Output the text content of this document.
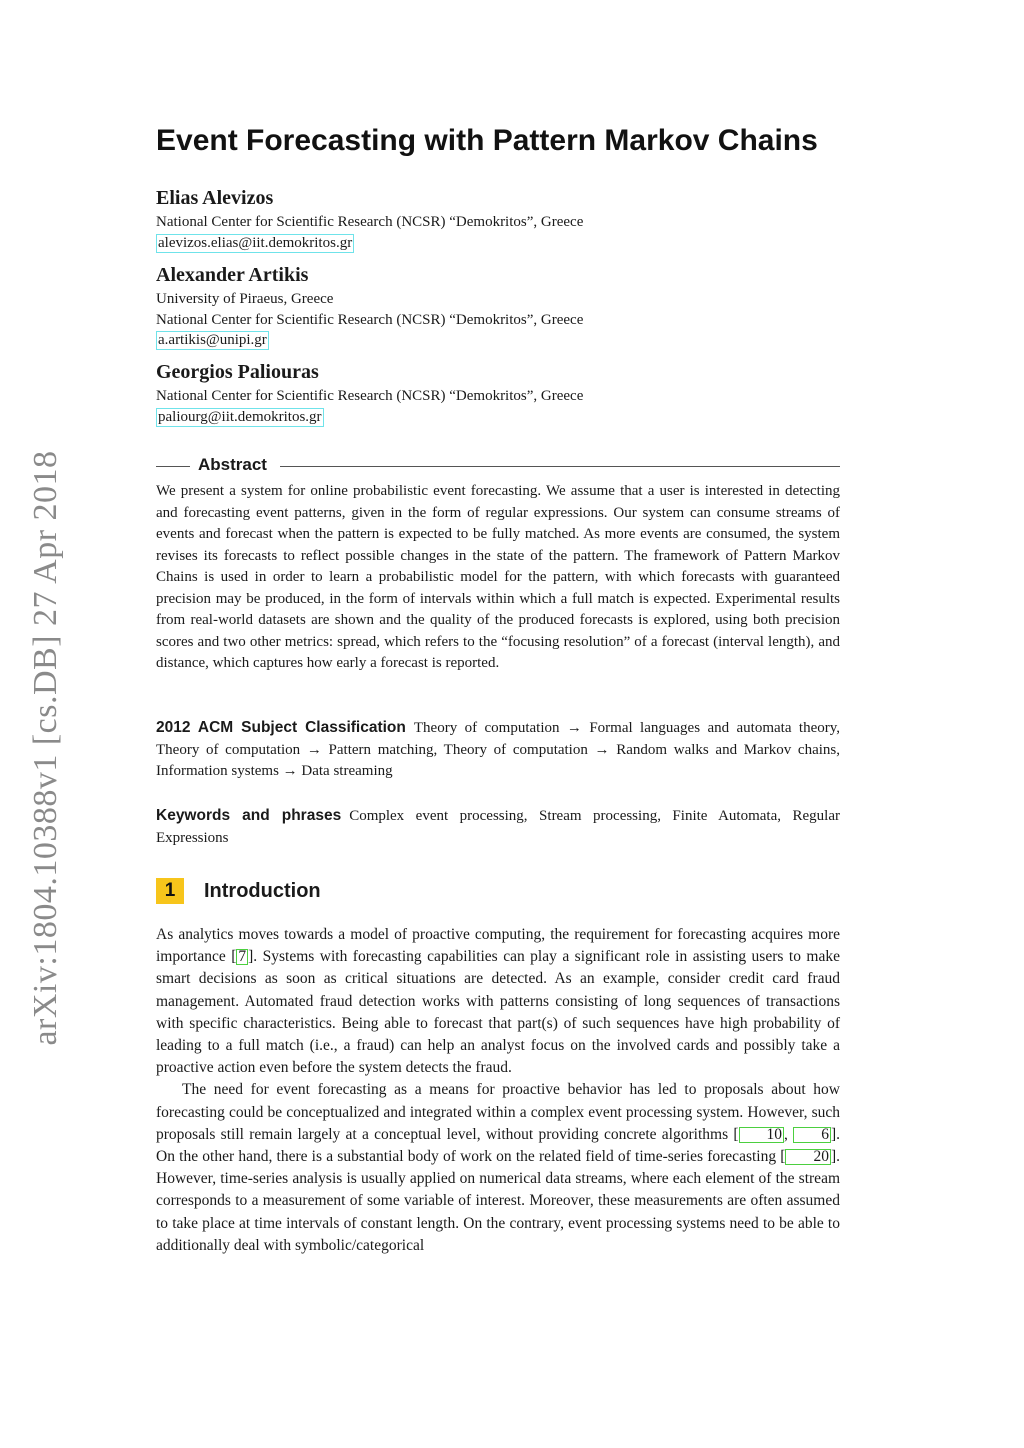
arXiv:1804.10388v1 [cs.DB] 27 Apr 2018
Event Forecasting with Pattern Markov Chains
Elias Alevizos
National Center for Scientific Research (NCSR) “Demokritos”, Greece
alevizos.elias@iit.demokritos.gr
Alexander Artikis
University of Piraeus, Greece
National Center for Scientific Research (NCSR) “Demokritos”, Greece
a.artikis@unipi.gr
Georgios Paliouras
National Center for Scientific Research (NCSR) “Demokritos”, Greece
paliourg@iit.demokritos.gr
Abstract

We present a system for online probabilistic event forecasting. We assume that a user is interested in detecting and forecasting event patterns, given in the form of regular expressions. Our system can consume streams of events and forecast when the pattern is expected to be fully matched. As more events are consumed, the system revises its forecasts to reflect possible changes in the state of the pattern. The framework of Pattern Markov Chains is used in order to learn a probabilistic model for the pattern, with which forecasts with guaranteed precision may be produced, in the form of intervals within which a full match is expected. Experimental results from real-world datasets are shown and the quality of the produced forecasts is explored, using both precision scores and two other metrics: spread, which refers to the “focusing resolution” of a forecast (interval length), and distance, which captures how early a forecast is reported.

2012 ACM Subject Classification Theory of computation → Formal languages and automata theory, Theory of computation → Pattern matching, Theory of computation → Random walks and Markov chains, Information systems → Data streaming

Keywords and phrases Complex event processing, Stream processing, Finite Automata, Regular Expressions

1	Introduction

As analytics moves towards a model of proactive computing, the requirement for forecasting acquires more importance [ 7 ]. Systems with forecasting capabilities can play a significant role in assisting users to make smart decisions as soon as critical situations are detected. As an example, consider credit card fraud management. Automated fraud detection works with patterns consisting of long sequences of transactions with specific characteristics. Being able to forecast that part(s) of such sequences have high probability of leading to a full match (i.e., a fraud) can help an analyst focus on the involved cards and possibly take a proactive action even before the system detects the fraud.

The need for event forecasting as a means for proactive behavior has led to proposals about how forecasting could be conceptualized and integrated within a complex event processing system. However, such proposals still remain largely at a conceptual level, without providing concrete algorithms [ 10 , 6 ]. On the other hand, there is a substantial body of work on the related field of time-series forecasting [ 20 ]. However, time-series analysis is usually applied on numerical data streams, where each element of the stream corresponds to a measurement of some variable of interest. Moreover, these measurements are often assumed to take place at time intervals of constant length. On the contrary, event processing systems need to be able to additionally deal with symbolic/categorical
